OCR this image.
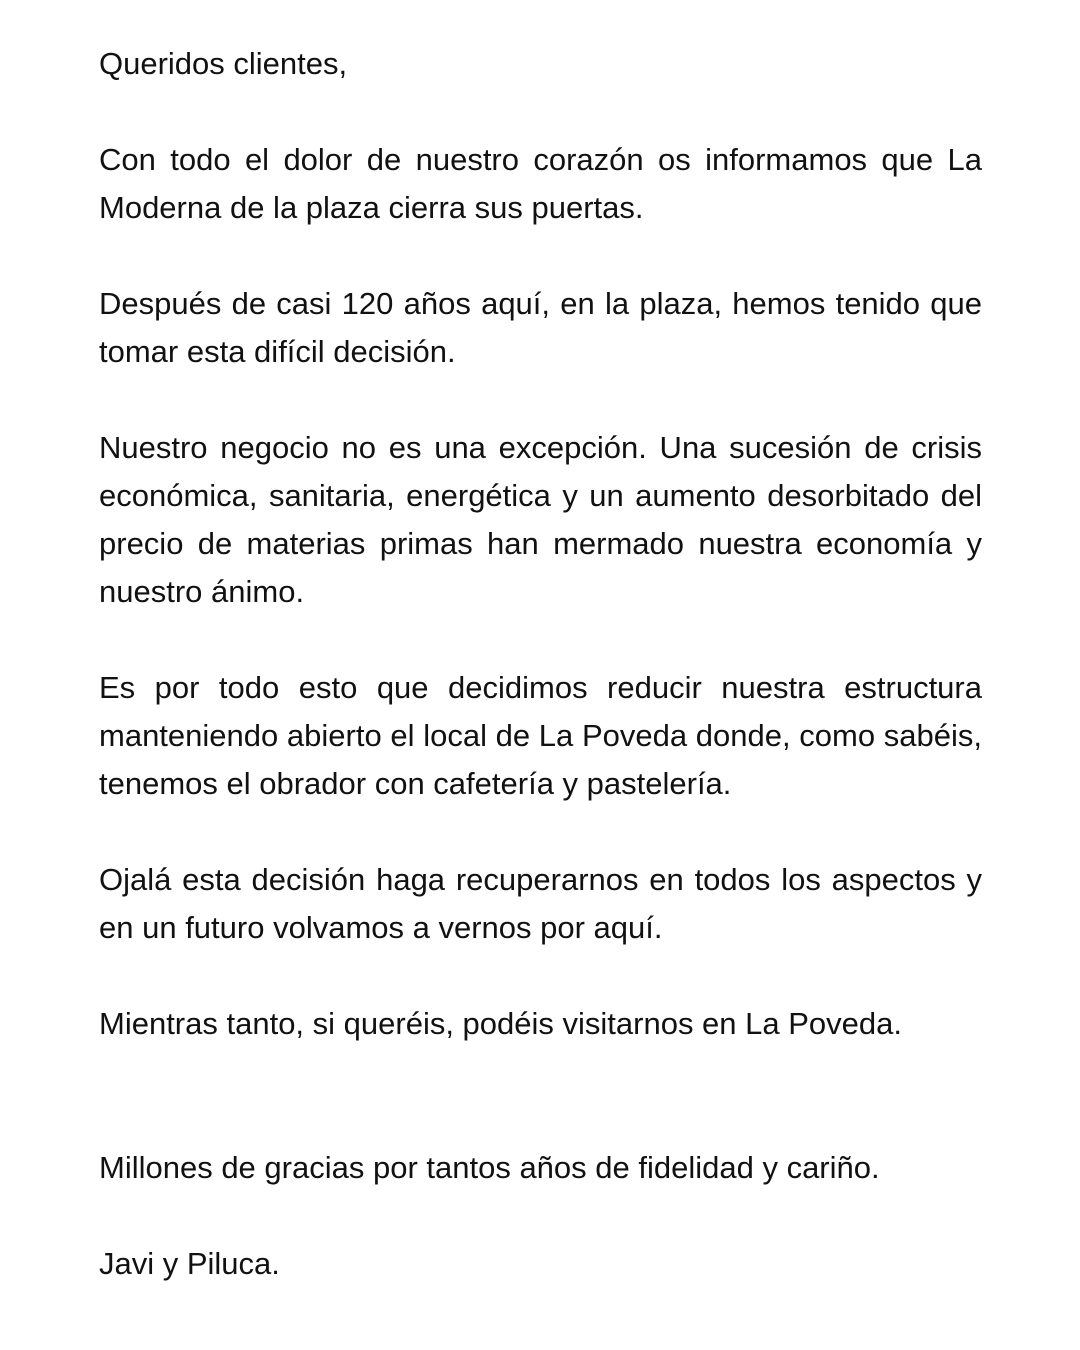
Queridos clientes,

Con todo el dolor de nuestro corazón os informamos que La Moderna de la plaza cierra sus puertas.

Después de casi 120 años aquí, en la plaza, hemos tenido que tomar esta difícil decisión.

Nuestro negocio no es una excepción. Una sucesión de crisis económica, sanitaria, energética y un aumento desorbitado del precio de materias primas han mermado nuestra economía y nuestro ánimo.

Es por todo esto que decidimos reducir nuestra estructura manteniendo abierto el local de La Poveda donde, como sabéis, tenemos el obrador con cafetería y pastelería.

Ojalá esta decisión haga recuperarnos en todos los aspectos y en un futuro volvamos a vernos por aquí.

Mientras tanto, si queréis, podéis visitarnos en La Poveda.

Millones de gracias por tantos años de fidelidad y cariño.

Javi y Piluca.
